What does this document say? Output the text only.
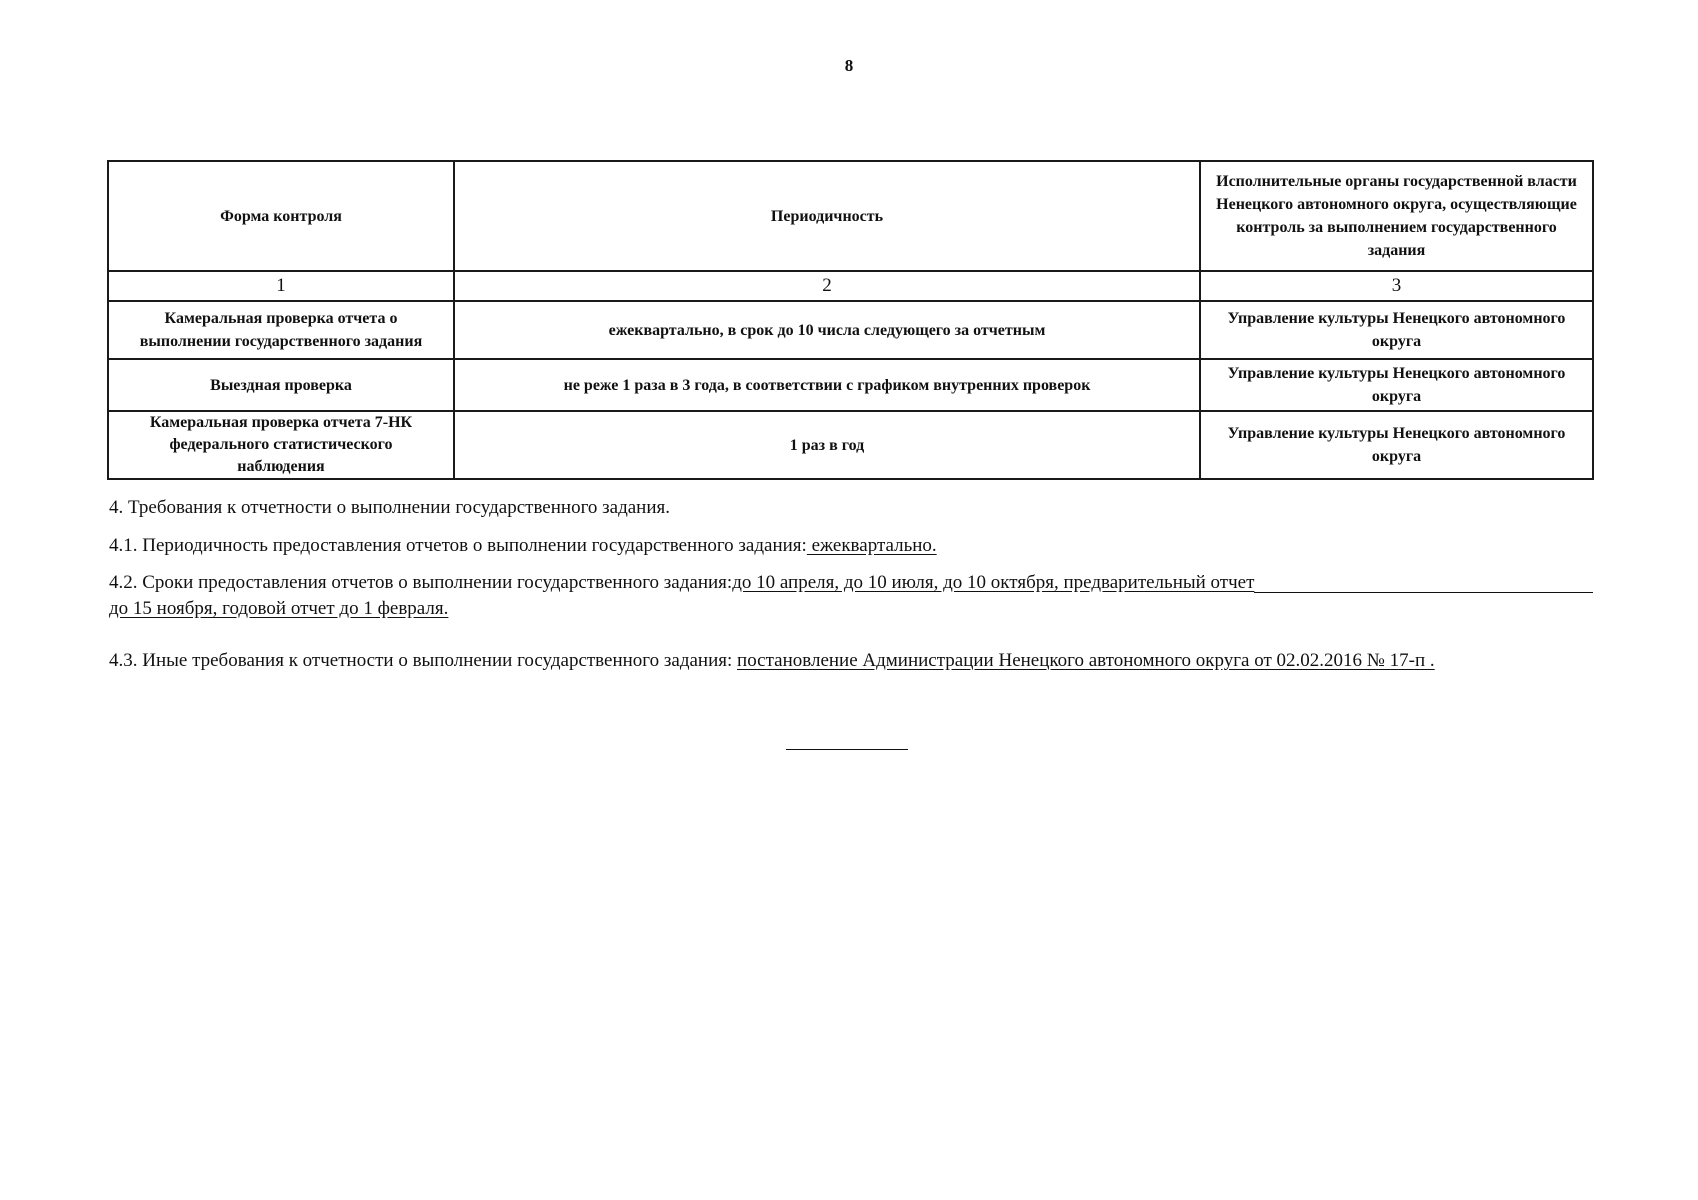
8
Форма контроля	Периодичность	Исполнительные органы государственной власти Ненецкого автономного округа, осуществляющие контроль за выполнением государственного задания
1	2	3
Камеральная проверка отчета о выполнении государственного задания	ежеквартально, в срок до 10 числа следующего за отчетным	Управление культуры Ненецкого автономного округа
Выездная проверка	не реже 1 раза в 3 года, в соответствии с графиком внутренних проверок	Управление культуры Ненецкого автономного округа
Камеральная проверка отчета 7-НК федерального статистического наблюдения	1 раз в год	Управление культуры Ненецкого автономного округа
4. Требования к отчетности о выполнении государственного задания.
4.1. Периодичность предоставления отчетов о выполнении государственного задания: ежеквартально.
4.2. Сроки предоставления отчетов о выполнении государственного задания: до 10 апреля, до 10 июля, до 10 октября, предварительный отчет
до 15 ноября, годовой отчет до 1 февраля.
4.3. Иные требования к отчетности о выполнении государственного задания: постановление Администрации Ненецкого автономного округа от 02.02.2016 № 17-п .
